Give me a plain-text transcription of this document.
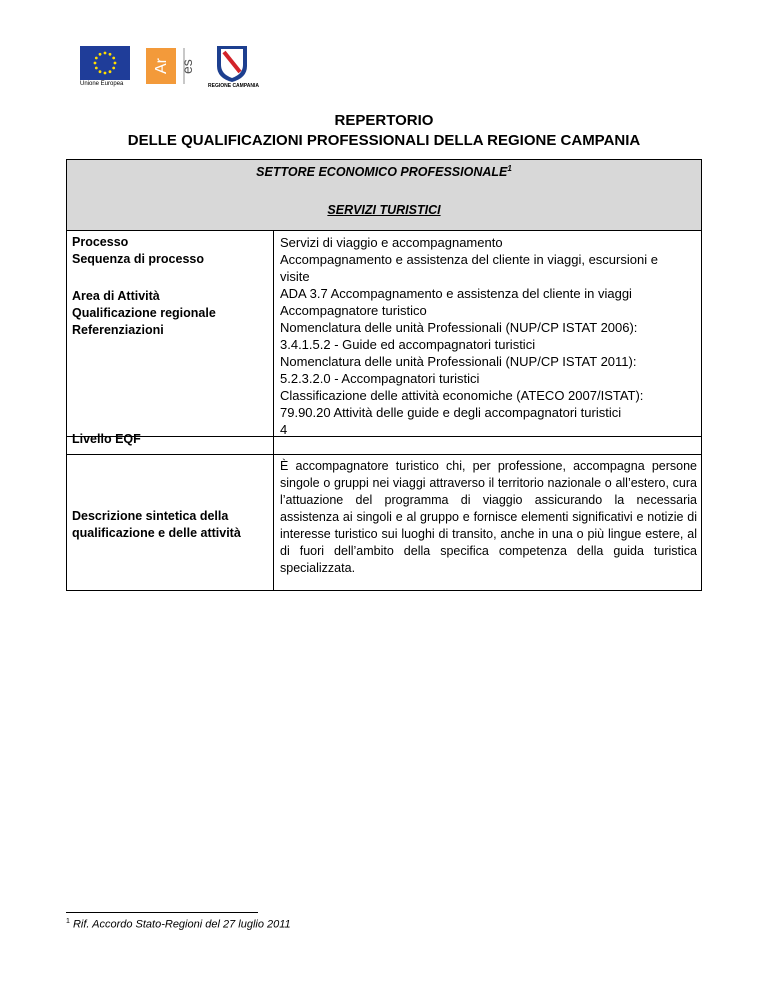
Unione Europea
Ar es
REGIONE CAMPANIA
REPERTORIO
DELLE QUALIFICAZIONI PROFESSIONALI DELLA REGIONE CAMPANIA
SETTORE ECONOMICO PROFESSIONALE$^1$
SERVIZI TURISTICI
Processo
Sequenza di processo
Area di Attività
Qualificazione regionale
Referenziazioni
Livello EQF
Descrizione sintetica della
qualificazione e delle attività
Servizi di viaggio e accompagnamento
Accompagnamento e assistenza del cliente in viaggi, escursioni e
visite
ADA 3.7 Accompagnamento e assistenza del cliente in viaggi
Accompagnatore turistico
Nomenclatura delle unità Professionali (NUP/CP ISTAT 2006):
3.4.1.5.2 - Guide ed accompagnatori turistici
Nomenclatura delle unità Professionali (NUP/CP ISTAT 2011):
5.2.3.2.0 - Accompagnatori turistici
Classificazione delle attività economiche (ATECO 2007/ISTAT):
79.90.20 Attività delle guide e degli accompagnatori turistici
4
È accompagnatore turistico chi, per professione, accompagna persone singole o gruppi nei viaggi attraverso il territorio nazionale o all’estero, cura l’attuazione del programma di viaggio assicurando la necessaria assistenza ai singoli e al gruppo e fornisce elementi significativi e notizie di interesse turistico sui luoghi di transito, anche in una o più lingue estere, al di fuori dell’ambito della specifica competenza della guida turistica specializzata.
$^1$ Rif. Accordo Stato-Regioni del 27 luglio 2011
